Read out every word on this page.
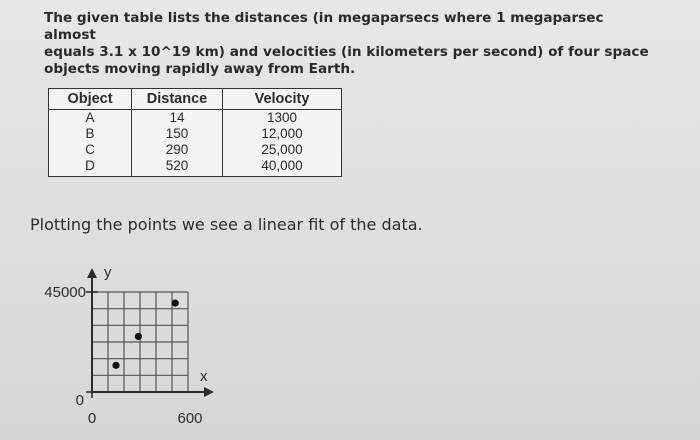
The given table lists the distances (in megaparsecs where 1 megaparsec almost
equals 3.1 x 10^19 km) and velocities (in kilometers per second) of four space
objects moving rapidly away from Earth.

Object	Distance	Velocity
A	14	1300
B	150	12,000
C	290	25,000
D	520	40,000

Plotting the points we see a linear fit of the data.

y
x
45000
0
0	600
